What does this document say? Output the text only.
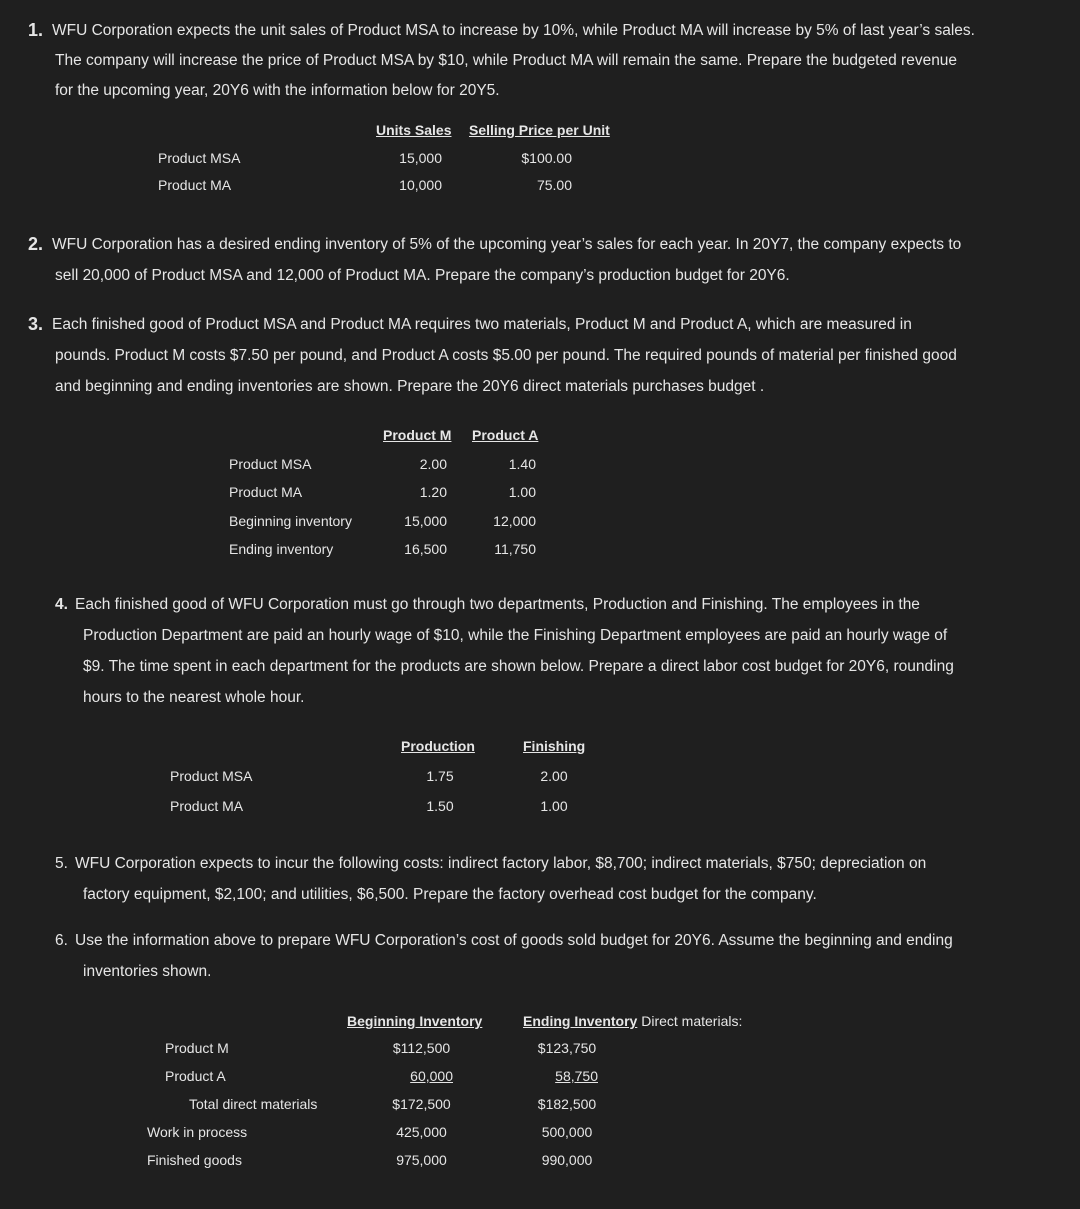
1. WFU Corporation expects the unit sales of Product MSA to increase by 10%, while Product MA will increase by 5% of last year’s sales.
The company will increase the price of Product MSA by $10, while Product MA will remain the same. Prepare the budgeted revenue
for the upcoming year, 20Y6 with the information below for 20Y5.
Units Sales Selling Price per Unit
Product MSA	15,000	$100.00
Product MA	10,000	75.00
2. WFU Corporation has a desired ending inventory of 5% of the upcoming year’s sales for each year. In 20Y7, the company expects to
sell 20,000 of Product MSA and 12,000 of Product MA. Prepare the company’s production budget for 20Y6.
3. Each finished good of Product MSA and Product MA requires two materials, Product M and Product A, which are measured in
pounds. Product M costs $7.50 per pound, and Product A costs $5.00 per pound. The required pounds of material per finished good
and beginning and ending inventories are shown. Prepare the 20Y6 direct materials purchases budget .
Product M Product A
Product MSA	2.00	1.40
Product MA	1.20	1.00
Beginning inventory	15,000	12,000
Ending inventory	16,500	11,750
4. Each finished good of WFU Corporation must go through two departments, Production and Finishing. The employees in the
Production Department are paid an hourly wage of $10, while the Finishing Department employees are paid an hourly wage of
$9. The time spent in each department for the products are shown below. Prepare a direct labor cost budget for 20Y6, rounding
hours to the nearest whole hour.
Production	Finishing
Product MSA	1.75	2.00
Product MA	1.50	1.00
5. WFU Corporation expects to incur the following costs: indirect factory labor, $8,700; indirect materials, $750; depreciation on
factory equipment, $2,100; and utilities, $6,500. Prepare the factory overhead cost budget for the company.
6. Use the information above to prepare WFU Corporation’s cost of goods sold budget for 20Y6. Assume the beginning and ending
inventories shown.
Beginning Inventory	Ending Inventory Direct materials:
Product M	$112,500	$123,750
Product A	60,000	58,750
Total direct materials	$172,500	$182,500
Work in process	425,000	500,000
Finished goods	975,000	990,000
